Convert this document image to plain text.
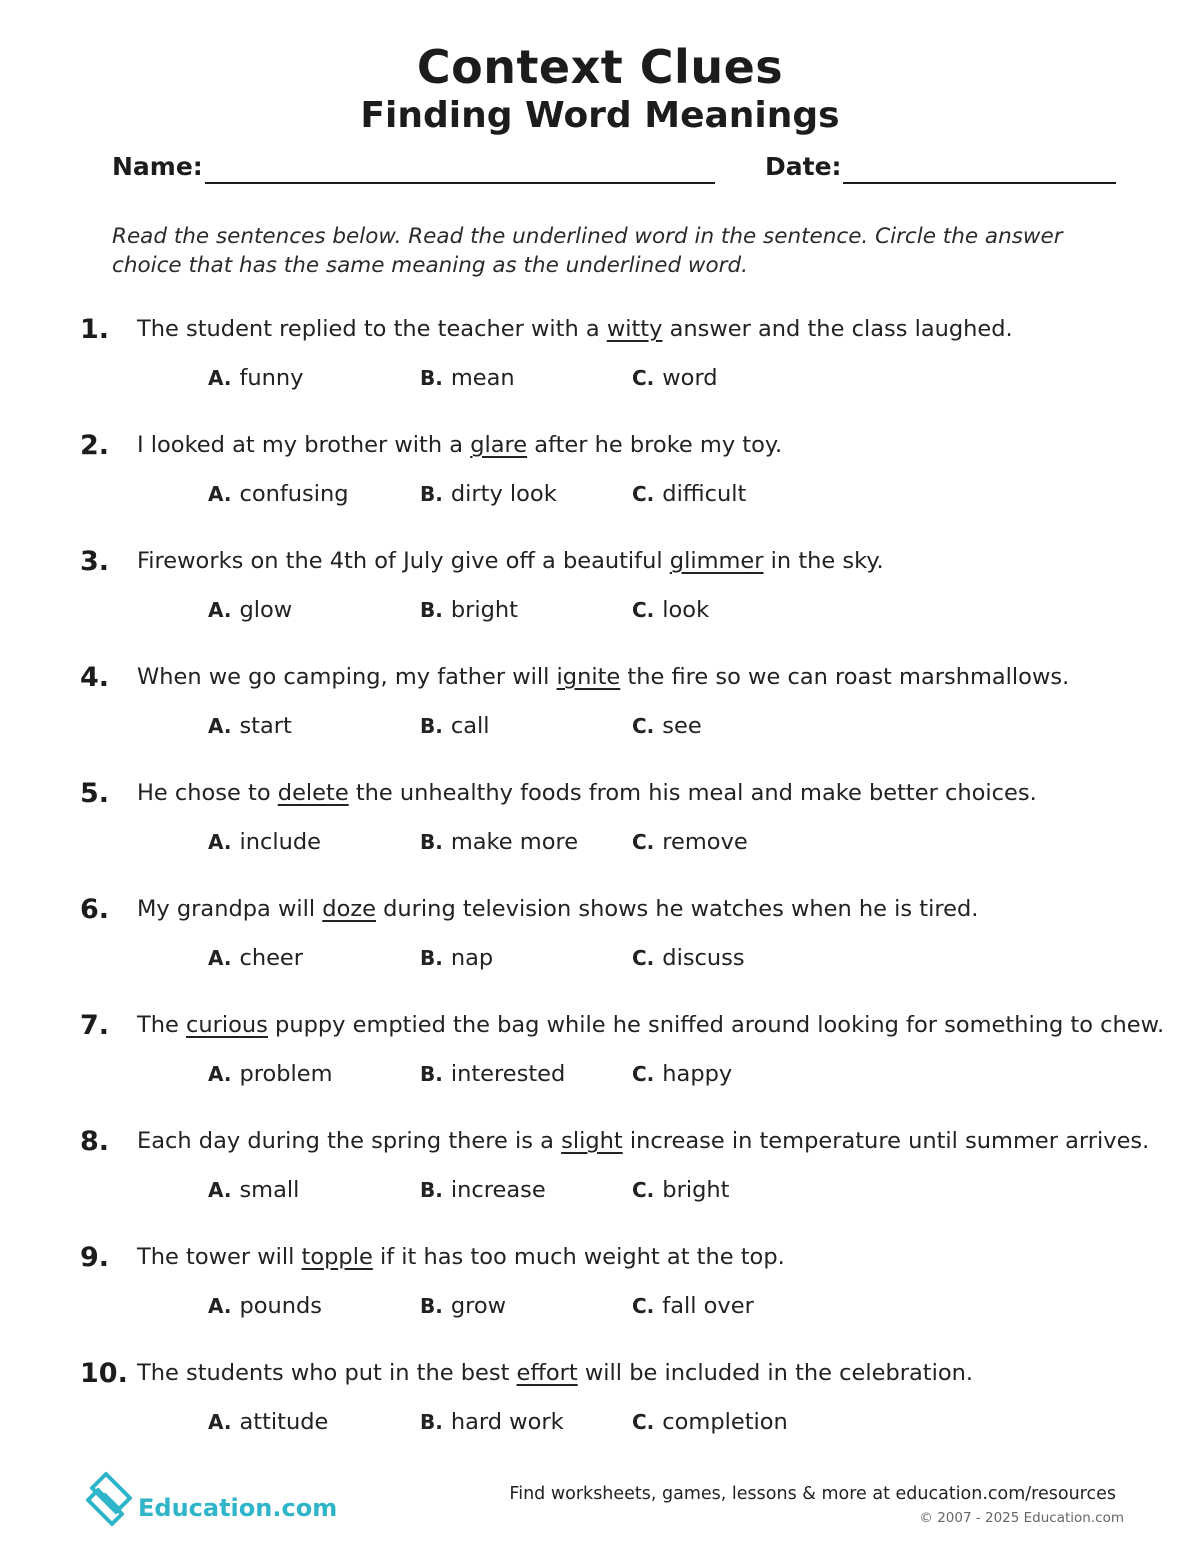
Context Clues
Finding Word Meanings
Name:	Date:
Read the sentences below. Read the underlined word in the sentence. Circle the answer choice that has the same meaning as the underlined word.
1. The student replied to the teacher with a witty answer and the class laughed.
A. funny	B. mean	C. word
2. I looked at my brother with a glare after he broke my toy.
A. confusing	B. dirty look	C. difficult
3. Fireworks on the 4th of July give off a beautiful glimmer in the sky.
A. glow	B. bright	C. look
4. When we go camping, my father will ignite the fire so we can roast marshmallows.
A. start	B. call	C. see
5. He chose to delete the unhealthy foods from his meal and make better choices.
A. include	B. make more	C. remove
6. My grandpa will doze during television shows he watches when he is tired.
A. cheer	B. nap	C. discuss
7. The curious puppy emptied the bag while he sniffed around looking for something to chew.
A. problem	B. interested	C. happy
8. Each day during the spring there is a slight increase in temperature until summer arrives.
A. small	B. increase	C. bright
9. The tower will topple if it has too much weight at the top.
A. pounds	B. grow	C. fall over
10. The students who put in the best effort will be included in the celebration.
A. attitude	B. hard work	C. completion
Education.com	Find worksheets, games, lessons & more at education.com/resources
© 2007 - 2025 Education.com
